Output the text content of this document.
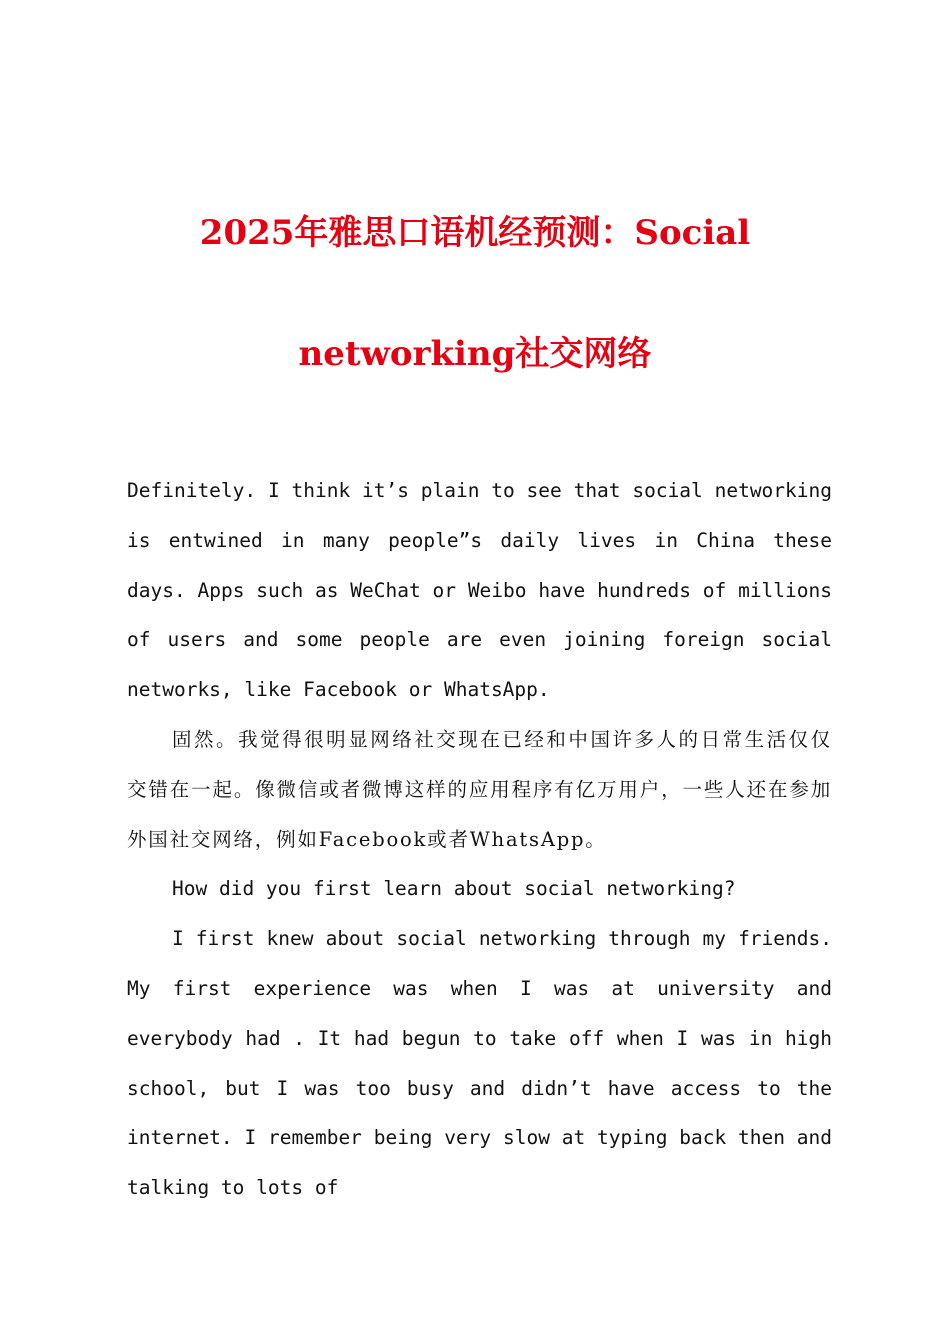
2025年雅思口语机经预测：Social
networking社交网络

Definitely. I think it’s plain to see that social networking is entwined in many people”s daily lives in China these days. Apps such as WeChat or Weibo have hundreds of millions of users and some people are even joining foreign social networks, like Facebook or WhatsApp.

固然。我觉得很明显网络社交现在已经和中国许多人的日常生活仅仅交错在一起。像微信或者微博这样的应用程序有亿万用户，一些人还在参加外国社交网络，例如Facebook或者WhatsApp。

How did you first learn about social networking?

I first knew about social networking through my friends. My first experience was when I was at university and everybody had . It had begun to take off when I was in high school, but I was too busy and didn’t have access to the internet. I remember being very slow at typing back then and talking to lots of
